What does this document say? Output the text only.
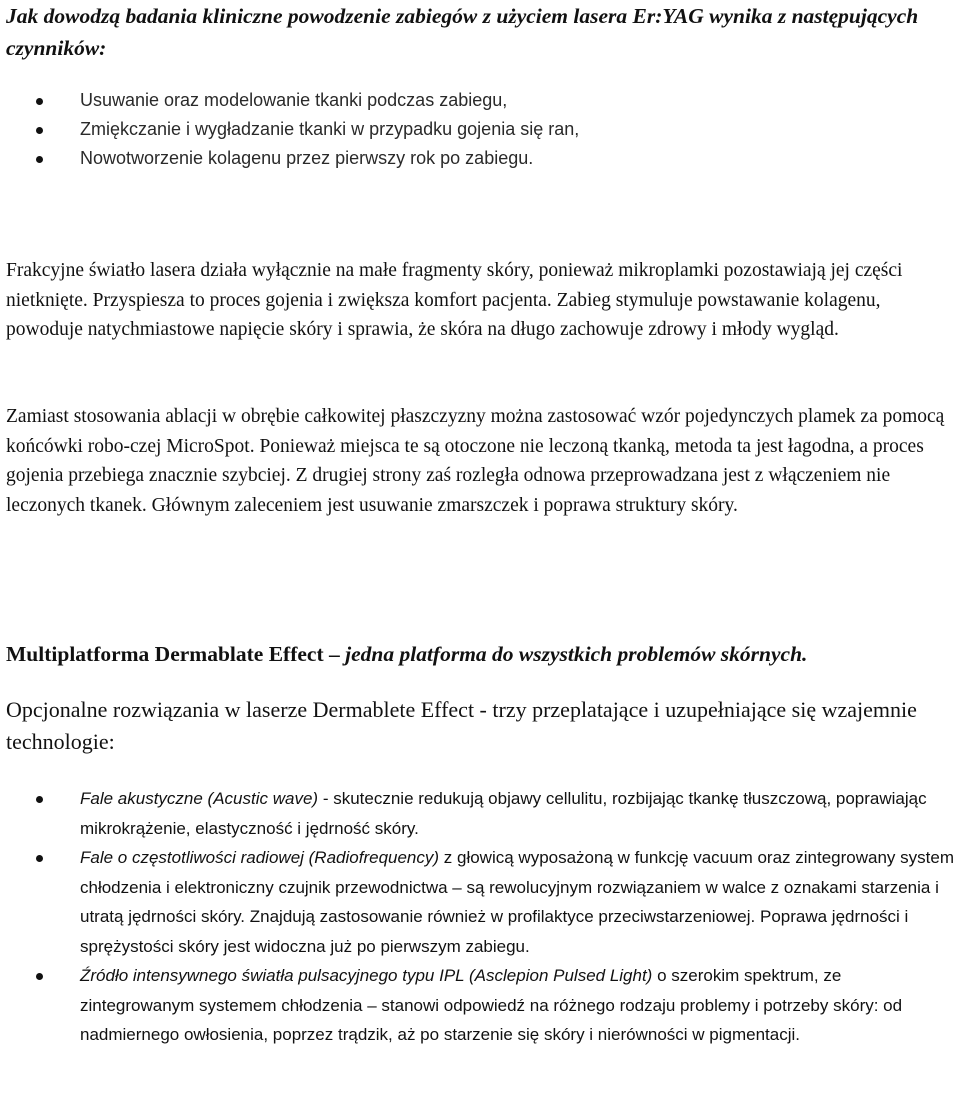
Jak dowodzą badania kliniczne powodzenie zabiegów z użyciem lasera Er:YAG wynika z następujących czynników:
Usuwanie oraz modelowanie tkanki podczas zabiegu,
Zmiękczanie i wygładzanie tkanki w przypadku gojenia się ran,
Nowotworzenie kolagenu przez pierwszy rok po zabiegu.

Frakcyjne światło lasera działa wyłącznie na małe fragmenty skóry, ponieważ mikroplamki pozostawiają jej części nietknięte. Przyspiesza to proces gojenia i zwiększa komfort pacjenta. Zabieg stymuluje powstawanie kolagenu, powoduje natychmiastowe napięcie skóry i sprawia, że skóra na długo zachowuje zdrowy i młody wygląd.

Zamiast stosowania ablacji w obrębie całkowitej płaszczyzny można zastosować wzór pojedynczych plamek za pomocą końcówki robo-czej MicroSpot. Ponieważ miejsca te są otoczone nie leczoną tkanką, metoda ta jest łagodna, a proces gojenia przebiega znacznie szybciej. Z drugiej strony zaś rozległa odnowa przeprowadzana jest z włączeniem nie leczonych tkanek. Głównym zaleceniem jest usuwanie zmarszczek i poprawa struktury skóry.

Multiplatforma Dermablate Effect – jedna platforma do wszystkich problemów skórnych.

Opcjonalne rozwiązania w laserze Dermablete Effect - trzy przeplatające i uzupełniające się wzajemnie technologie:

Fale akustyczne (Acustic wave) - skutecznie redukują objawy cellulitu, rozbijając tkankę tłuszczową, poprawiając mikrokrążenie, elastyczność i jędrność skóry.
Fale o częstotliwości radiowej (Radiofrequency) z głowicą wyposażoną w funkcję vacuum oraz zintegrowany system chłodzenia i elektroniczny czujnik przewodnictwa – są rewolucyjnym rozwiązaniem w walce z oznakami starzenia i utratą jędrności skóry. Znajdują zastosowanie również w profilaktyce przeciwstarzeniowej. Poprawa jędrności i sprężystości skóry jest widoczna już po pierwszym zabiegu.
Źródło intensywnego światła pulsacyjnego typu IPL (Asclepion Pulsed Light) o szerokim spektrum, ze zintegrowanym systemem chłodzenia – stanowi odpowiedź na różnego rodzaju problemy i potrzeby skóry: od nadmiernego owłosienia, poprzez trądzik, aż po starzenie się skóry i nierówności w pigmentacji.
